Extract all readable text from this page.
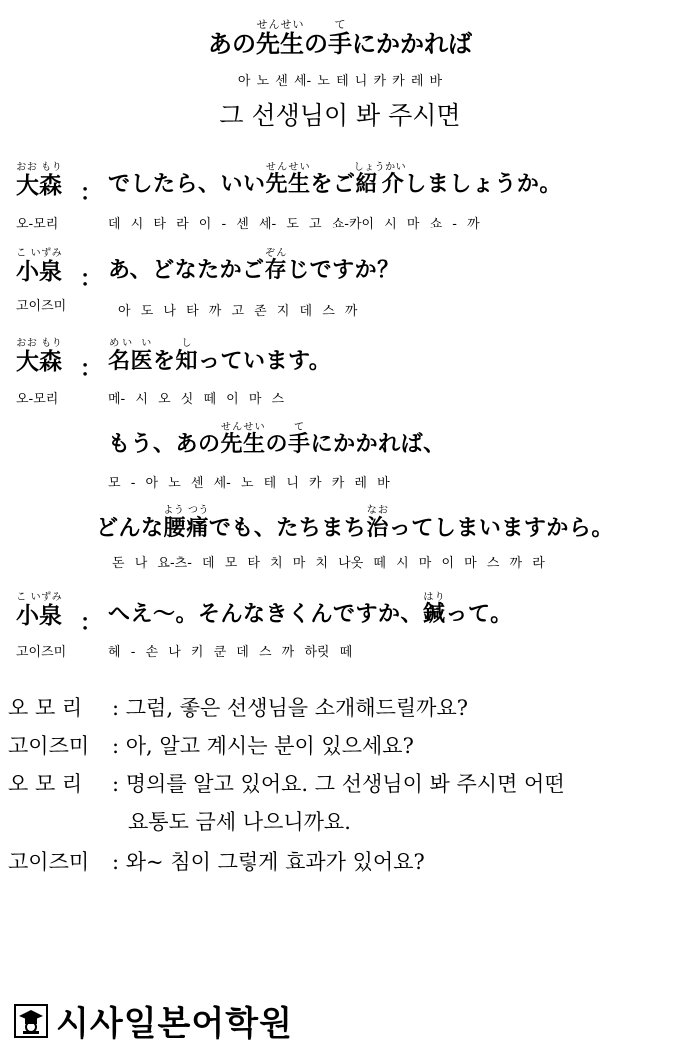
あの先生せんせいの手てにかかれば
아 노 센 세- 노 테 니 카 카 레 바
그 선생님이 봐 주시면
大森おお もり
： でしたら、いい先生せんせいをご紹介しょうかいしましょうか。
오-모리	데 시 타 라 이 - 센 세- 도 고 쇼-카이 시 마 쇼 - 까
小泉こ いずみ
： あ、どなたかご存ぞんじですか？
고이즈미	아 도 나 타 까 고 존 지 데 스 까
大森おお もり
： 名医めい いを知しっています。
오-모리	메- 시 오 싯 떼 이 마 스
もう、あの先生せんせいの手てにかかれば、
모 - 아 노 센 세- 노 테 니 카 카 레 바
どんな腰痛よう つうでも、たちまち治なおってしまいますから。
돈 나 요-츠- 데 모 타 치 마 치 나옷 떼 시 마 이 마 스 까 라
小泉こ いずみ
： へえ～。そんなきくんですか、鍼はりって。
고이즈미	헤 - 손 나 키 쿤 데 스 까 하릿 떼
오 모 리 : 그럼, 좋은 선생님을 소개해드릴까요?
고이즈미 : 아, 알고 계시는 분이 있으세요?
오 모 리 : 명의를 알고 있어요. 그 선생님이 봐 주시면 어떤
요통도 금세 나으니까요.
고이즈미 : 와~ 침이 그렇게 효과가 있어요?
시사일본어학원
